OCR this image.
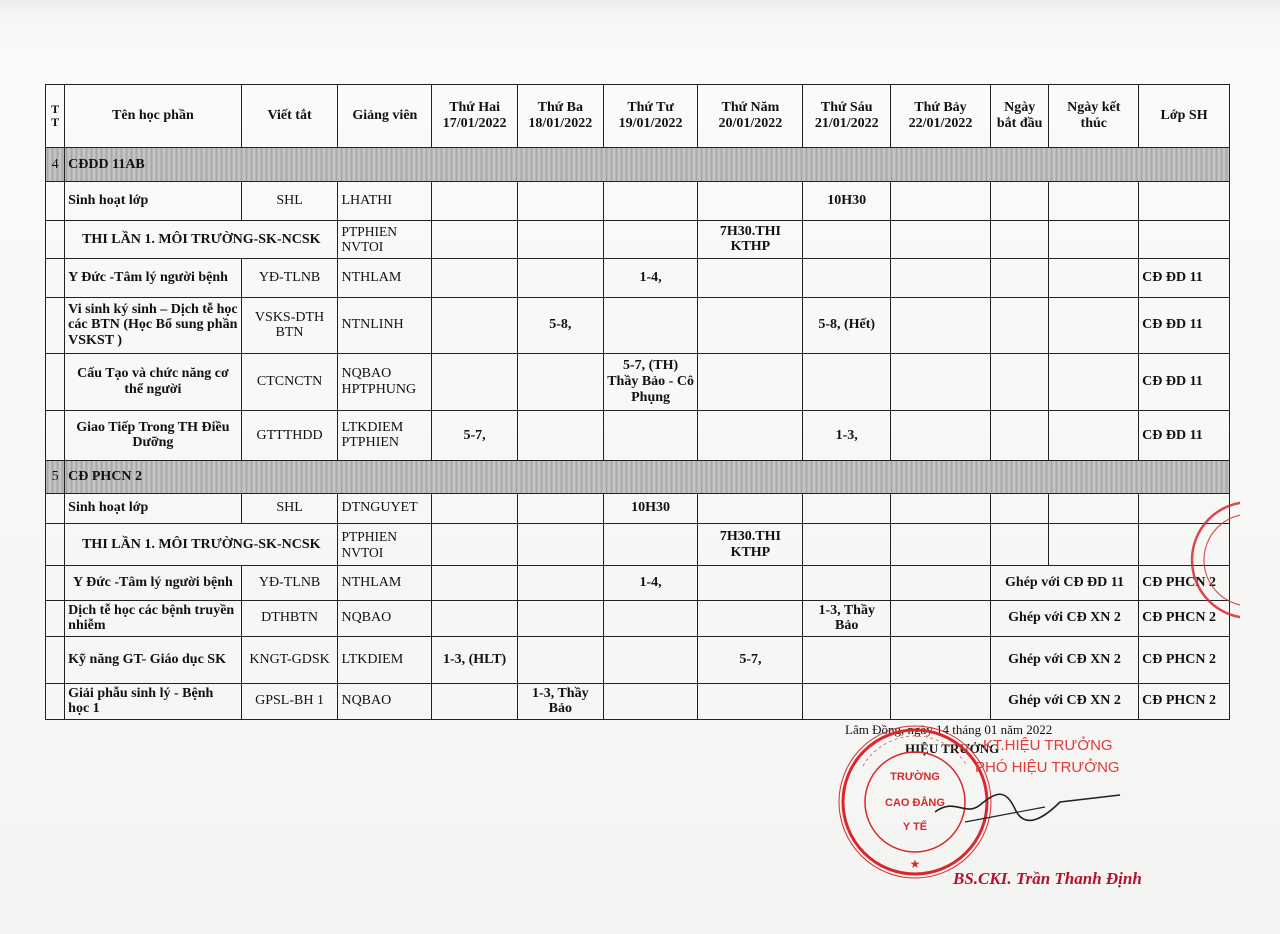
T T	Tên học phần	Viết tắt	Giảng viên	Thứ Hai 17/01/2022	Thứ Ba 18/01/2022	Thứ Tư 19/01/2022	Thứ Năm 20/01/2022	Thứ Sáu 21/01/2022	Thứ Bảy 22/01/2022	Ngày bắt đầu	Ngày kết thúc	Lớp SH
4	CĐDD 11AB											
	Sinh hoạt lớp	SHL	LHATHI					10H30				
	THI LẦN 1. MÔI TRƯỜNG-SK-NCSK		PTPHIEN NVTOI				7H30.THI KTHP					
	Y Đức -Tâm lý người bệnh	YĐ-TLNB	NTHLAM			1-4,						CĐ ĐD 11
	Vi sinh ký sinh – Dịch tễ học các BTN (Học Bổ sung phần VSKST )	VSKS-DTH BTN	NTNLINH		5-8,			5-8, (Hết)				CĐ ĐD 11
	Cấu Tạo và chức năng cơ thể người	CTCNCTN	NQBAO HPTPHUNG			5-7, (TH) Thầy Bảo - Cô Phụng						CĐ ĐD 11
	Giao Tiếp Trong TH Điều Dưỡng	GTTTHDD	LTKDIEM PTPHIEN	5-7,				1-3,				CĐ ĐD 11
5	CĐ PHCN 2											
	Sinh hoạt lớp	SHL	DTNGUYET			10H30						
	THI LẦN 1. MÔI TRƯỜNG-SK-NCSK		PTPHIEN NVTOI				7H30.THI KTHP					
	Y Đức -Tâm lý người bệnh	YĐ-TLNB	NTHLAM			1-4,				Ghép với CĐ ĐD 11		CĐ PHCN 2
	Dịch tễ học các bệnh truyền nhiễm	DTHBTN	NQBAO					1-3, Thầy Bảo		Ghép với CĐ XN 2		CĐ PHCN 2
	Kỹ năng GT- Giáo dục SK	KNGT-GDSK	LTKDIEM	1-3, (HLT)			5-7,			Ghép với CĐ XN 2		CĐ PHCN 2
	Giải phẫu sinh lý - Bệnh học 1	GPSL-BH 1	NQBAO		1-3, Thầy Bảo					Ghép với CĐ XN 2		CĐ PHCN 2
Lâm Đồng, ngày 14 tháng 01 năm 2022
HIỆU TRƯỞNG
TRƯỜNG
CAO ĐẲNG
Y TẾ
★
KT.HIỆU TRƯỞNG
PHÓ HIỆU TRƯỞNG
BS.CKI. Trần Thanh Định
